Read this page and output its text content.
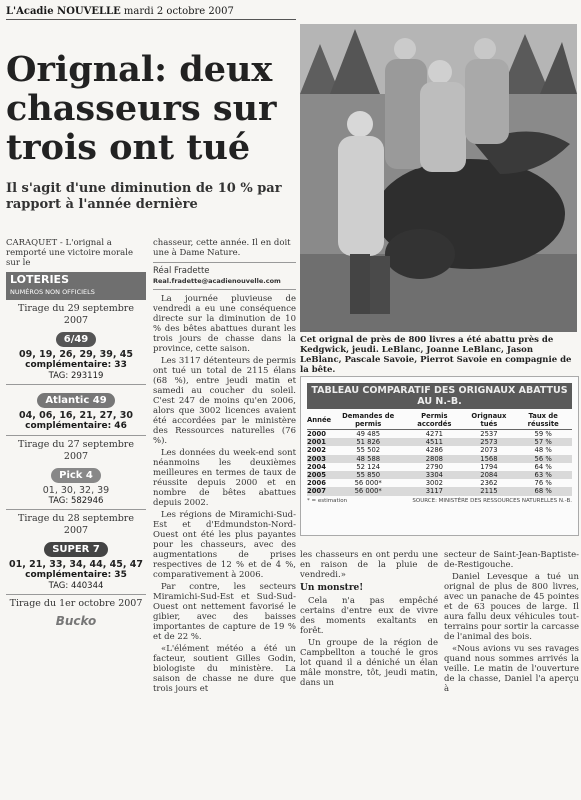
L'Acadie NOUVELLE mardi 2 octobre 2007
Orignal: deux chasseurs sur trois ont tué
Il s'agit d'une diminution de 10 % par rapport à l'année dernière
CARAQUET - L'orignal a remporté une victoire morale sur le
LOTERIES
NUMÉROS NON OFFICIELS
Tirage du 29 septembre 2007
6/49
09, 19, 26, 29, 39, 45
complémentaire: 33
TAG: 293119
Atlantic 49
04, 06, 16, 21, 27, 30
complémentaire: 46
Tirage du 27 septembre 2007
Pick 4
01, 30, 32, 39
TAG: 582946
Tirage du 28 septembre 2007
SUPER 7
01, 21, 33, 34, 44, 45, 47
complémentaire: 35
TAG: 440344
Tirage du 1er octobre 2007
Bucko
chasseur, cette année. Il en doit une à Dame Nature.
Réal Fradette
Real.fradette@acadienouvelle.com

La journée pluvieuse de vendredi a eu une conséquence directe sur la diminution de 10 % des bêtes abattues durant les trois jours de chasse dans la province, cette saison.

Les 3117 détenteurs de permis ont tué un total de 2115 élans (68 %), entre jeudi matin et samedi au coucher du soleil. C'est 247 de moins qu'en 2006, alors que 3002 licences avaient été accordées par le ministère des Ressources naturelles (76 %).

Les données du week-end sont néanmoins les deuxièmes meilleures en termes de taux de réussite depuis 2000 et en nombre de bêtes abattues depuis 2002.

Les régions de Miramichi-Sud-Est et d'Edmundston-Nord-Ouest ont été les plus payantes pour les chasseurs, avec des augmentations de prises respectives de 12 % et de 4 %, comparativement à 2006.

Par contre, les secteurs Miramichi-Sud-Est et Sud-Sud-Ouest ont nettement favorisé le gibier, avec des baisses importantes de capture de 19 % et de 22 %.

«L'élément météo a été un facteur, soutient Gilles Godin, biologiste du ministère. La saison de chasse ne dure que trois jours et

Cet orignal de près de 800 livres a été abattu près de Kedgwick, jeudi. LeBlanc, Joanne LeBlanc, Jason LeBlanc, Pascale Savoie, Pierrot Savoie en compagnie de la bête.
TABLEAU COMPARATIF DES ORIGNAUX ABATTUS AU N.-B.
Année	Demandes de permis	Permis accordés	Orignaux tués	Taux de réussite
2000	49 485	4271	2537	59 %
2001	51 826	4511	2573	57 %
2002	55 502	4286	2073	48 %
2003	48 588	2808	1568	56 %
2004	52 124	2790	1794	64 %
2005	55 850	3304	2084	63 %
2006	56 000*	3002	2362	76 %
2007	56 000*	3117	2115	68 %
* = estimation	SOURCE: MINISTÈRE DES RESSOURCES NATURELLES N.-B.

les chasseurs en ont perdu une en raison de la pluie de vendredi.»

Un monstre!

Cela n'a pas empêché certains d'entre eux de vivre des moments exaltants en forêt.

Un groupe de la région de Campbellton a touché le gros lot quand il a déniché un élan mâle monstre, tôt, jeudi matin, dans un

secteur de Saint-Jean-Baptiste-de-Restigouche.

Daniel Levesque a tué un orignal de plus de 800 livres, avec un panache de 45 pointes et de 63 pouces de large. Il aura fallu deux véhicules tout-terrains pour sortir la carcasse de l'animal des bois.

«Nous avions vu ses ravages quand nous sommes arrivés la veille. Le matin de l'ouverture de la chasse, Daniel l'a aperçu à
